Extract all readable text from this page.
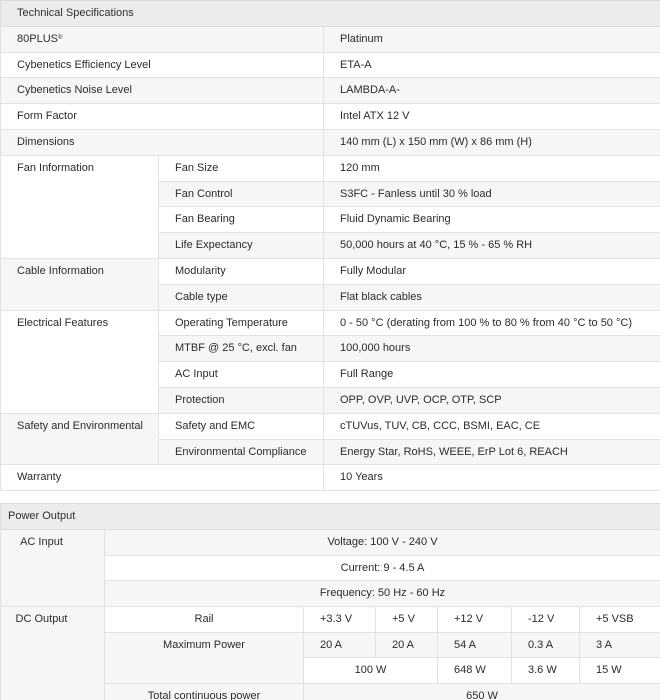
Technical Specifications		
80PLUS®		Platinum
Cybenetics Efficiency Level		ETA-A
Cybenetics Noise Level		LAMBDA-A-
Form Factor		Intel ATX 12 V
Dimensions		140 mm (L) x 150 mm (W) x 86 mm (H)
Fan Information	Fan Size	120 mm
	Fan Control	S3FC - Fanless until 30 % load
	Fan Bearing	Fluid Dynamic Bearing
	Life Expectancy	50,000 hours at 40 °C, 15 % - 65 % RH
Cable Information	Modularity	Fully Modular
	Cable type	Flat black cables
Electrical Features	Operating Temperature	0 - 50 °C (derating from 100 % to 80 % from 40 °C to 50 °C)
	MTBF @ 25 °C, excl. fan	100,000 hours
	AC Input	Full Range
	Protection	OPP, OVP, UVP, OCP, OTP, SCP
Safety and Environmental	Safety and EMC	cTUVus, TUV, CB, CCC, BSMI, EAC, CE
	Environmental Compliance	Energy Star, RoHS, WEEE, ErP Lot 6, REACH
Warranty		10 Years
Power Output						
AC Input	Voltage: 100 V - 240 V					
	Current: 9 - 4.5 A					
	Frequency: 50 Hz - 60 Hz					
DC Output	Rail	+3.3 V	+5 V	+12 V	-12 V	+5 VSB
	Maximum Power	20 A	20 A	54 A	0.3 A	3 A
		100 W		648 W	3.6 W	15 W
	Total continuous power	650 W				
